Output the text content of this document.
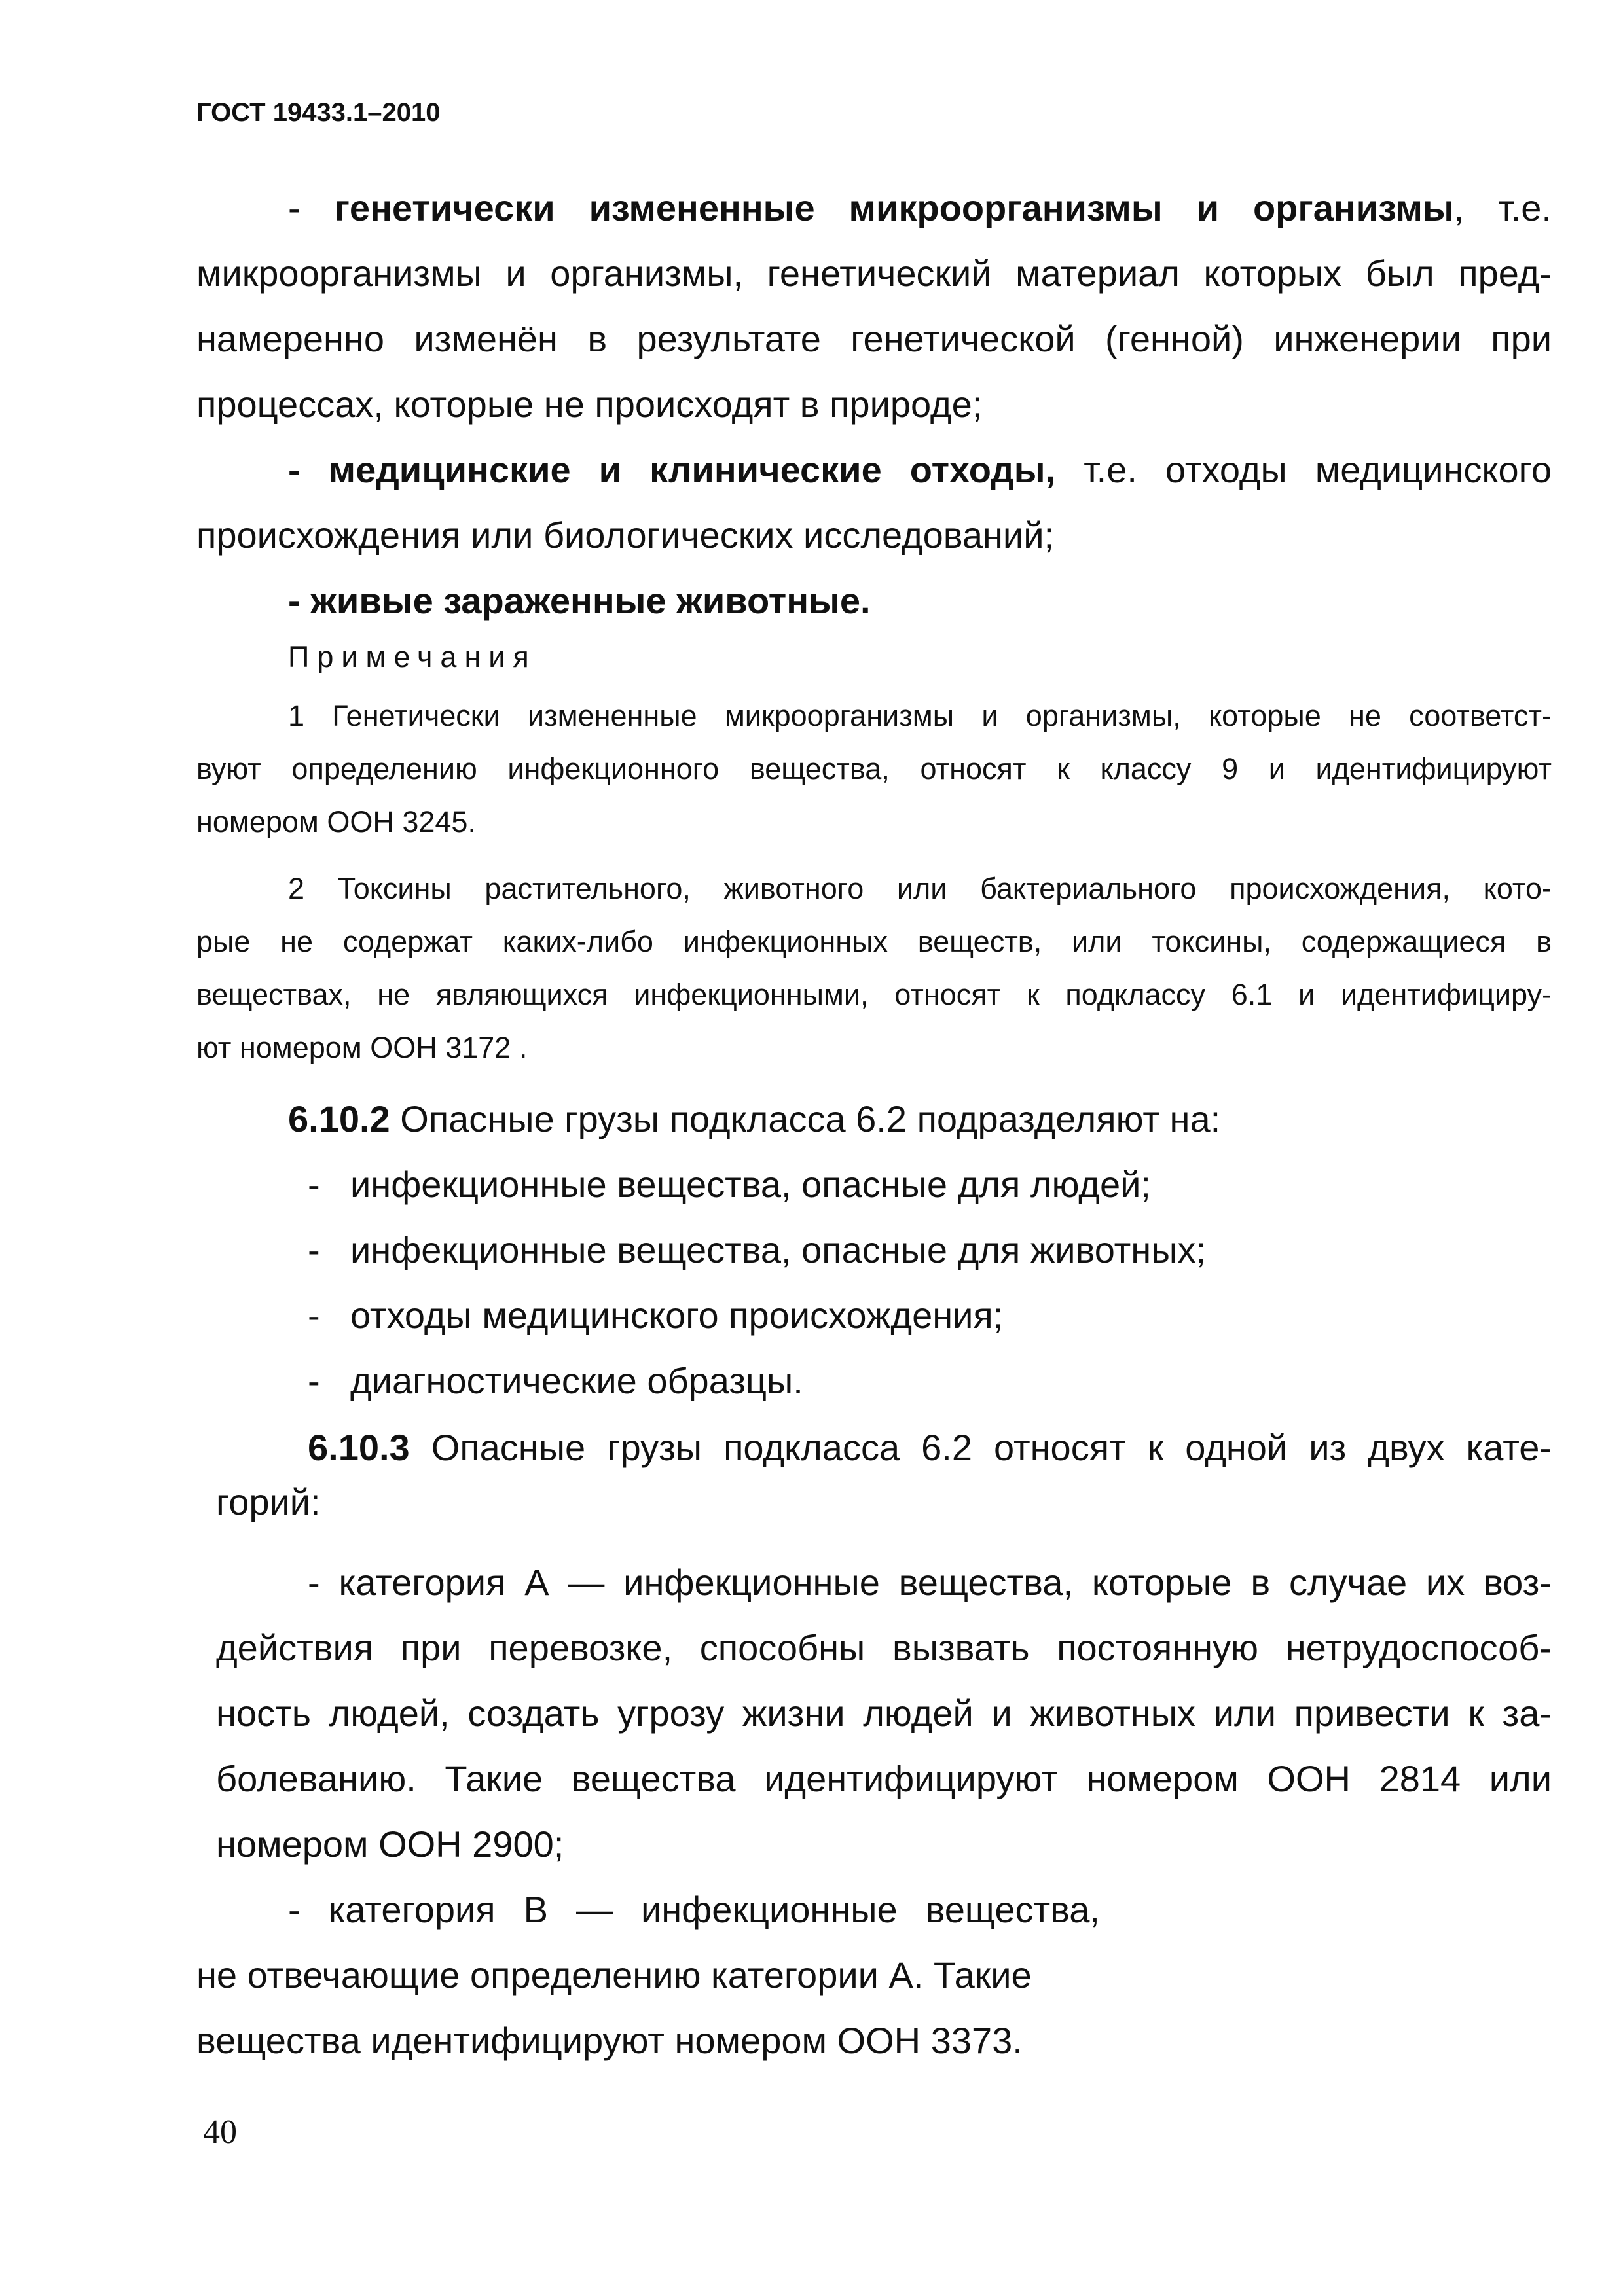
ГОСТ 19433.1–2010
- генетически измененные микроорганизмы и организмы, т.е.
микроорганизмы и организмы, генетический материал которых был пред-
намеренно изменён в результате генетической (генной) инженерии при
процессах, которые не происходят в природе;
- медицинские и клинические отходы, т.е. отходы медицинского
происхождения или биологических исследований;
- живые зараженные животные.
Примечания
1 Генетически измененные микроорганизмы и организмы, которые не соответст-
вуют определению инфекционного вещества, относят к классу 9 и идентифицируют
номером ООН 3245.
2 Токсины растительного, животного или бактериального происхождения, кото-
рые не содержат каких-либо инфекционных веществ, или токсины, содержащиеся в
веществах, не являющихся инфекционными, относят к подклассу 6.1 и идентифициру-
ют номером ООН 3172 .
6.10.2 Опасные грузы подкласса 6.2 подразделяют на:
- инфекционные вещества, опасные для людей;
- инфекционные вещества, опасные для животных;
- отходы медицинского происхождения;
- диагностические образцы.
6.10.3 Опасные грузы подкласса 6.2 относят к одной из двух кате-
горий:
- категория А — инфекционные вещества, которые в случае их воз-
действия при перевозке, способны вызвать постоянную нетрудоспособ-
ность людей, создать угрозу жизни людей и животных или привести к за-
болеванию. Такие вещества идентифицируют номером ООН 2814 или
номером ООН 2900;
- категория В — инфекционные вещества,
не отвечающие определению категории А. Такие
вещества идентифицируют номером ООН 3373.
40
